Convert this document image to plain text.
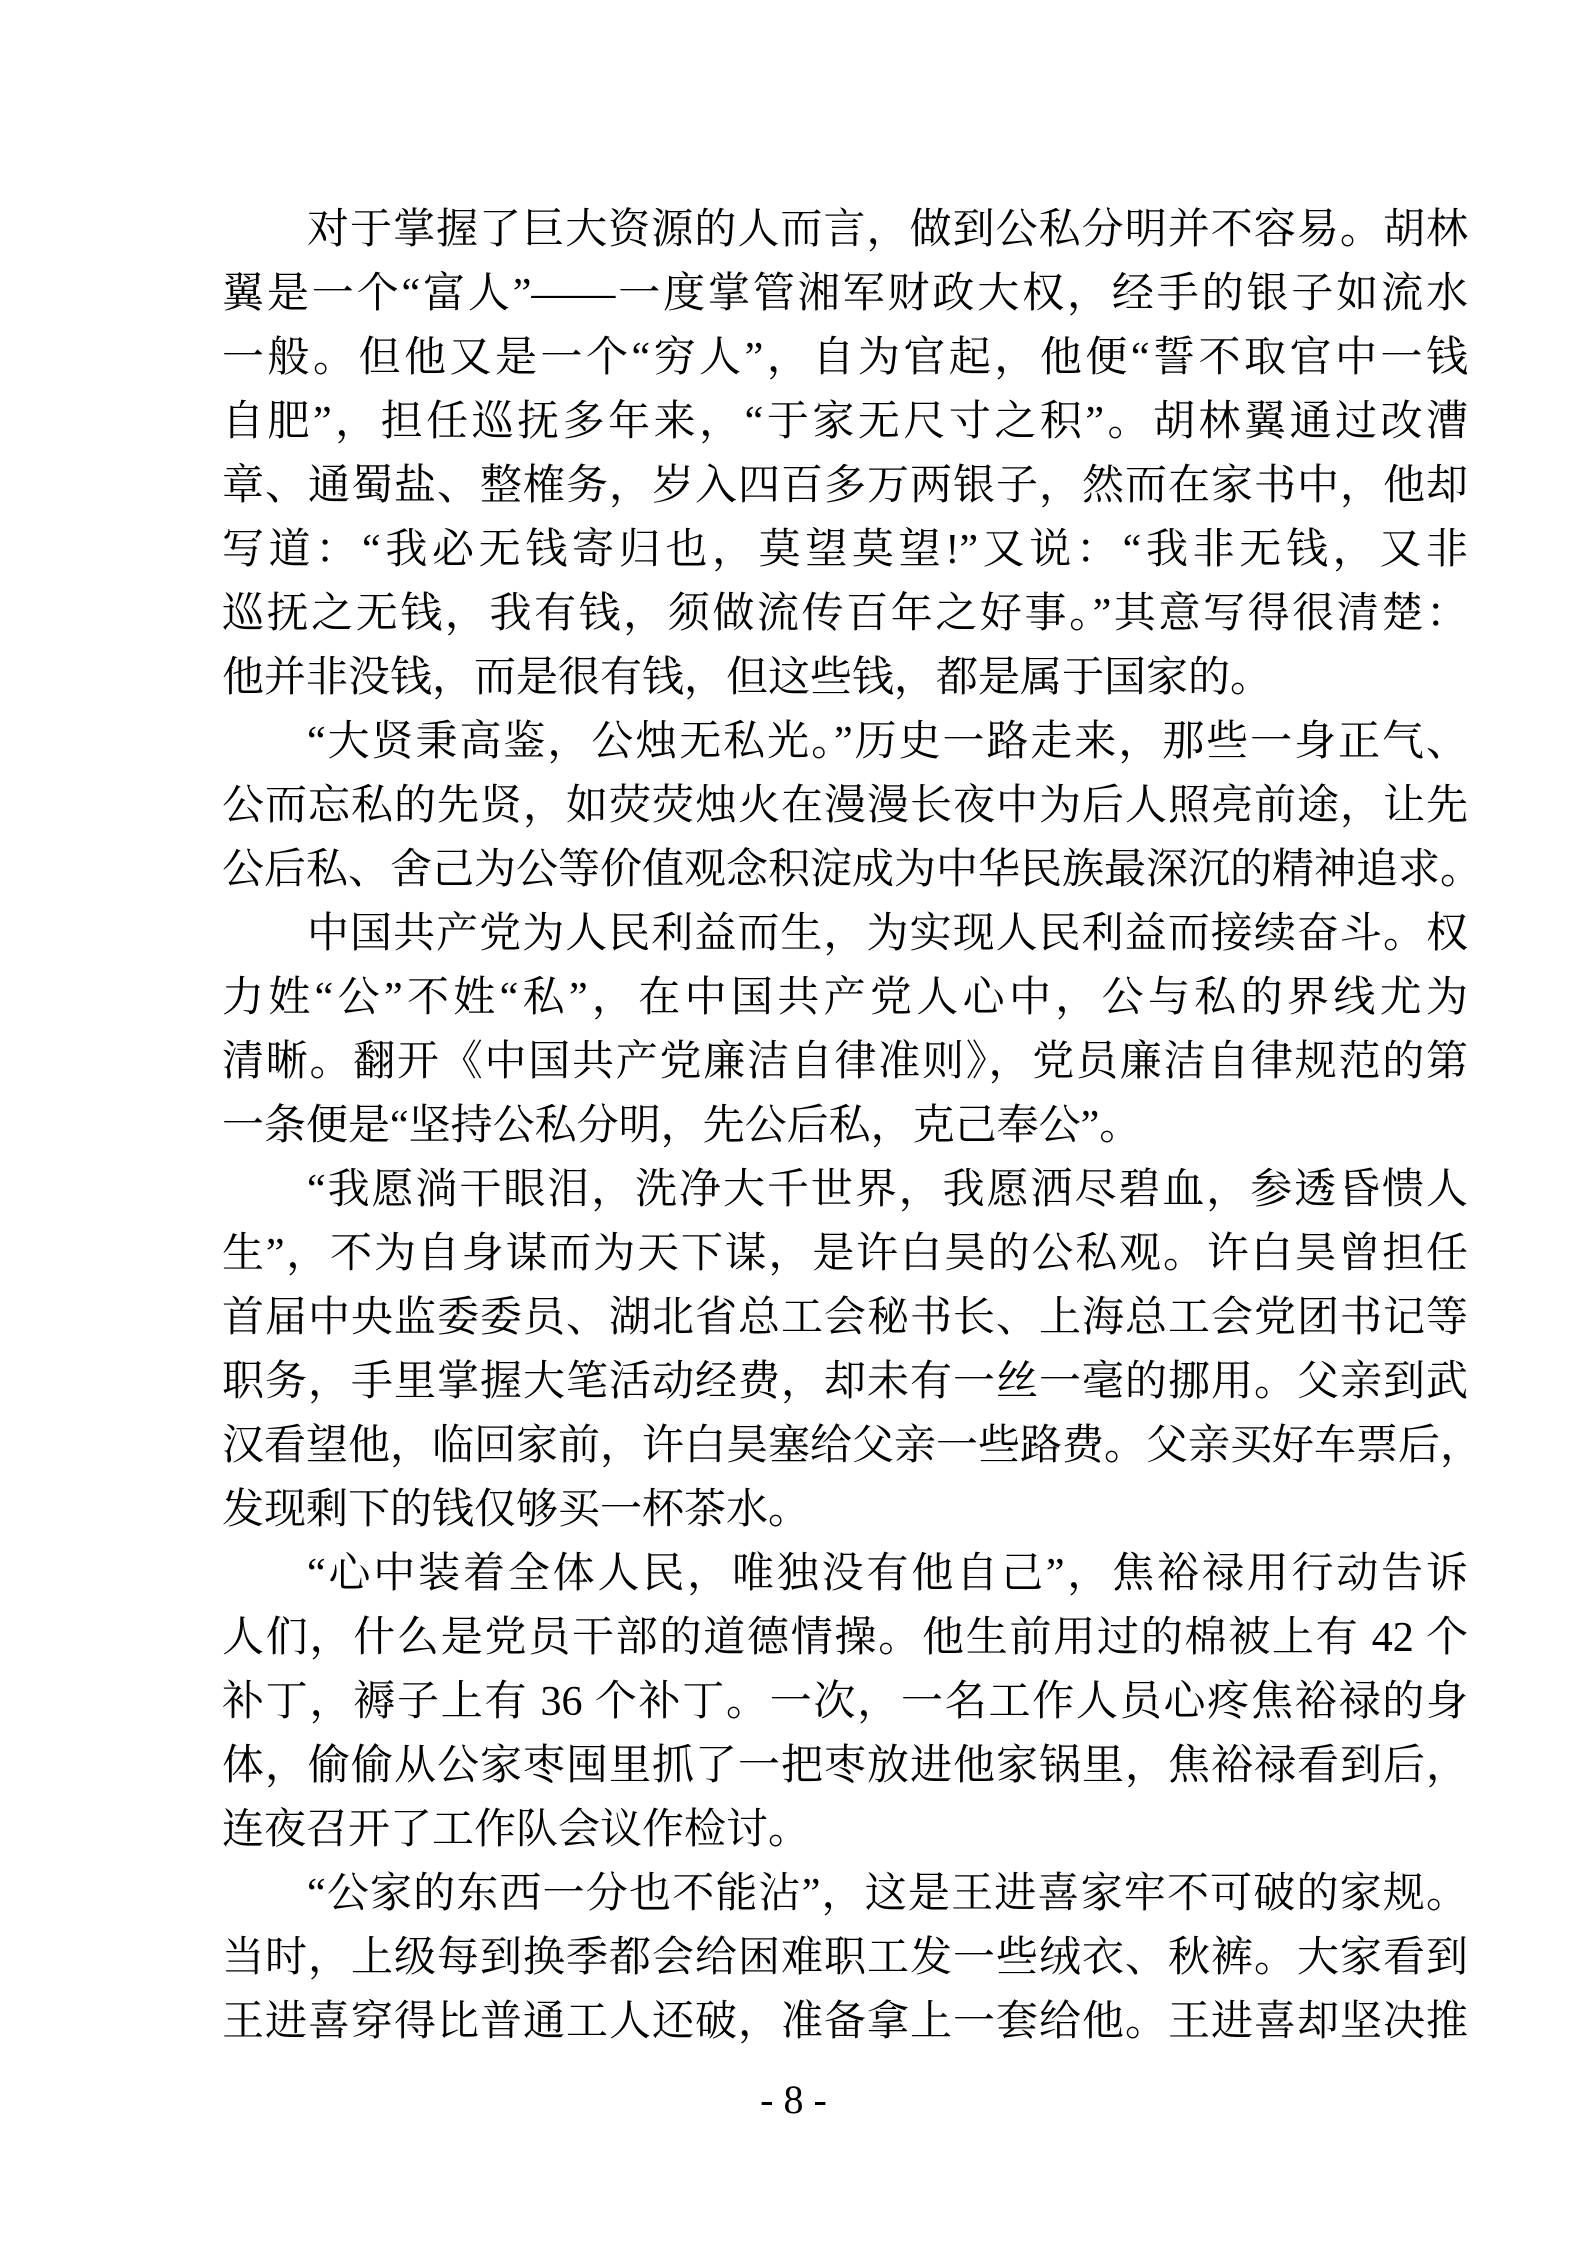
对于掌握了巨大资源的人而言，做到公私分明并不容易。胡林
翼是一个“富人”——一度掌管湘军财政大权，经手的银子如流水
一般。但他又是一个“穷人”，自为官起，他便“誓不取官中一钱
自肥”，担任巡抚多年来，“于家无尺寸之积”。胡林翼通过改漕
章、通蜀盐、整榷务，岁入四百多万两银子，然而在家书中，他却
写道：“我必无钱寄归也，莫望莫望!”又说：“我非无钱，又非
巡抚之无钱，我有钱，须做流传百年之好事。”其意写得很清楚：
他并非没钱，而是很有钱，但这些钱，都是属于国家的。
“大贤秉高鉴，公烛无私光。”历史一路走来，那些一身正气、
公而忘私的先贤，如荧荧烛火在漫漫长夜中为后人照亮前途，让先
公后私、舍己为公等价值观念积淀成为中华民族最深沉的精神追求。
中国共产党为人民利益而生，为实现人民利益而接续奋斗。权
力姓“公”不姓“私”，在中国共产党人心中，公与私的界线尤为
清晰。翻开《中国共产党廉洁自律准则》，党员廉洁自律规范的第
一条便是“坚持公私分明，先公后私，克己奉公”。
“我愿淌干眼泪，洗净大千世界，我愿洒尽碧血，参透昏愦人
生”，不为自身谋而为天下谋，是许白昊的公私观。许白昊曾担任
首届中央监委委员、湖北省总工会秘书长、上海总工会党团书记等
职务，手里掌握大笔活动经费，却未有一丝一毫的挪用。父亲到武
汉看望他，临回家前，许白昊塞给父亲一些路费。父亲买好车票后，
发现剩下的钱仅够买一杯茶水。
“心中装着全体人民，唯独没有他自己”，焦裕禄用行动告诉
人们，什么是党员干部的道德情操。他生前用过的棉被上有 42 个
补丁，褥子上有 36 个补丁。一次，一名工作人员心疼焦裕禄的身
体，偷偷从公家枣囤里抓了一把枣放进他家锅里，焦裕禄看到后，
连夜召开了工作队会议作检讨。
“公家的东西一分也不能沾”，这是王进喜家牢不可破的家规。
当时，上级每到换季都会给困难职工发一些绒衣、秋裤。大家看到
王进喜穿得比普通工人还破，准备拿上一套给他。王进喜却坚决推
- 8 -
